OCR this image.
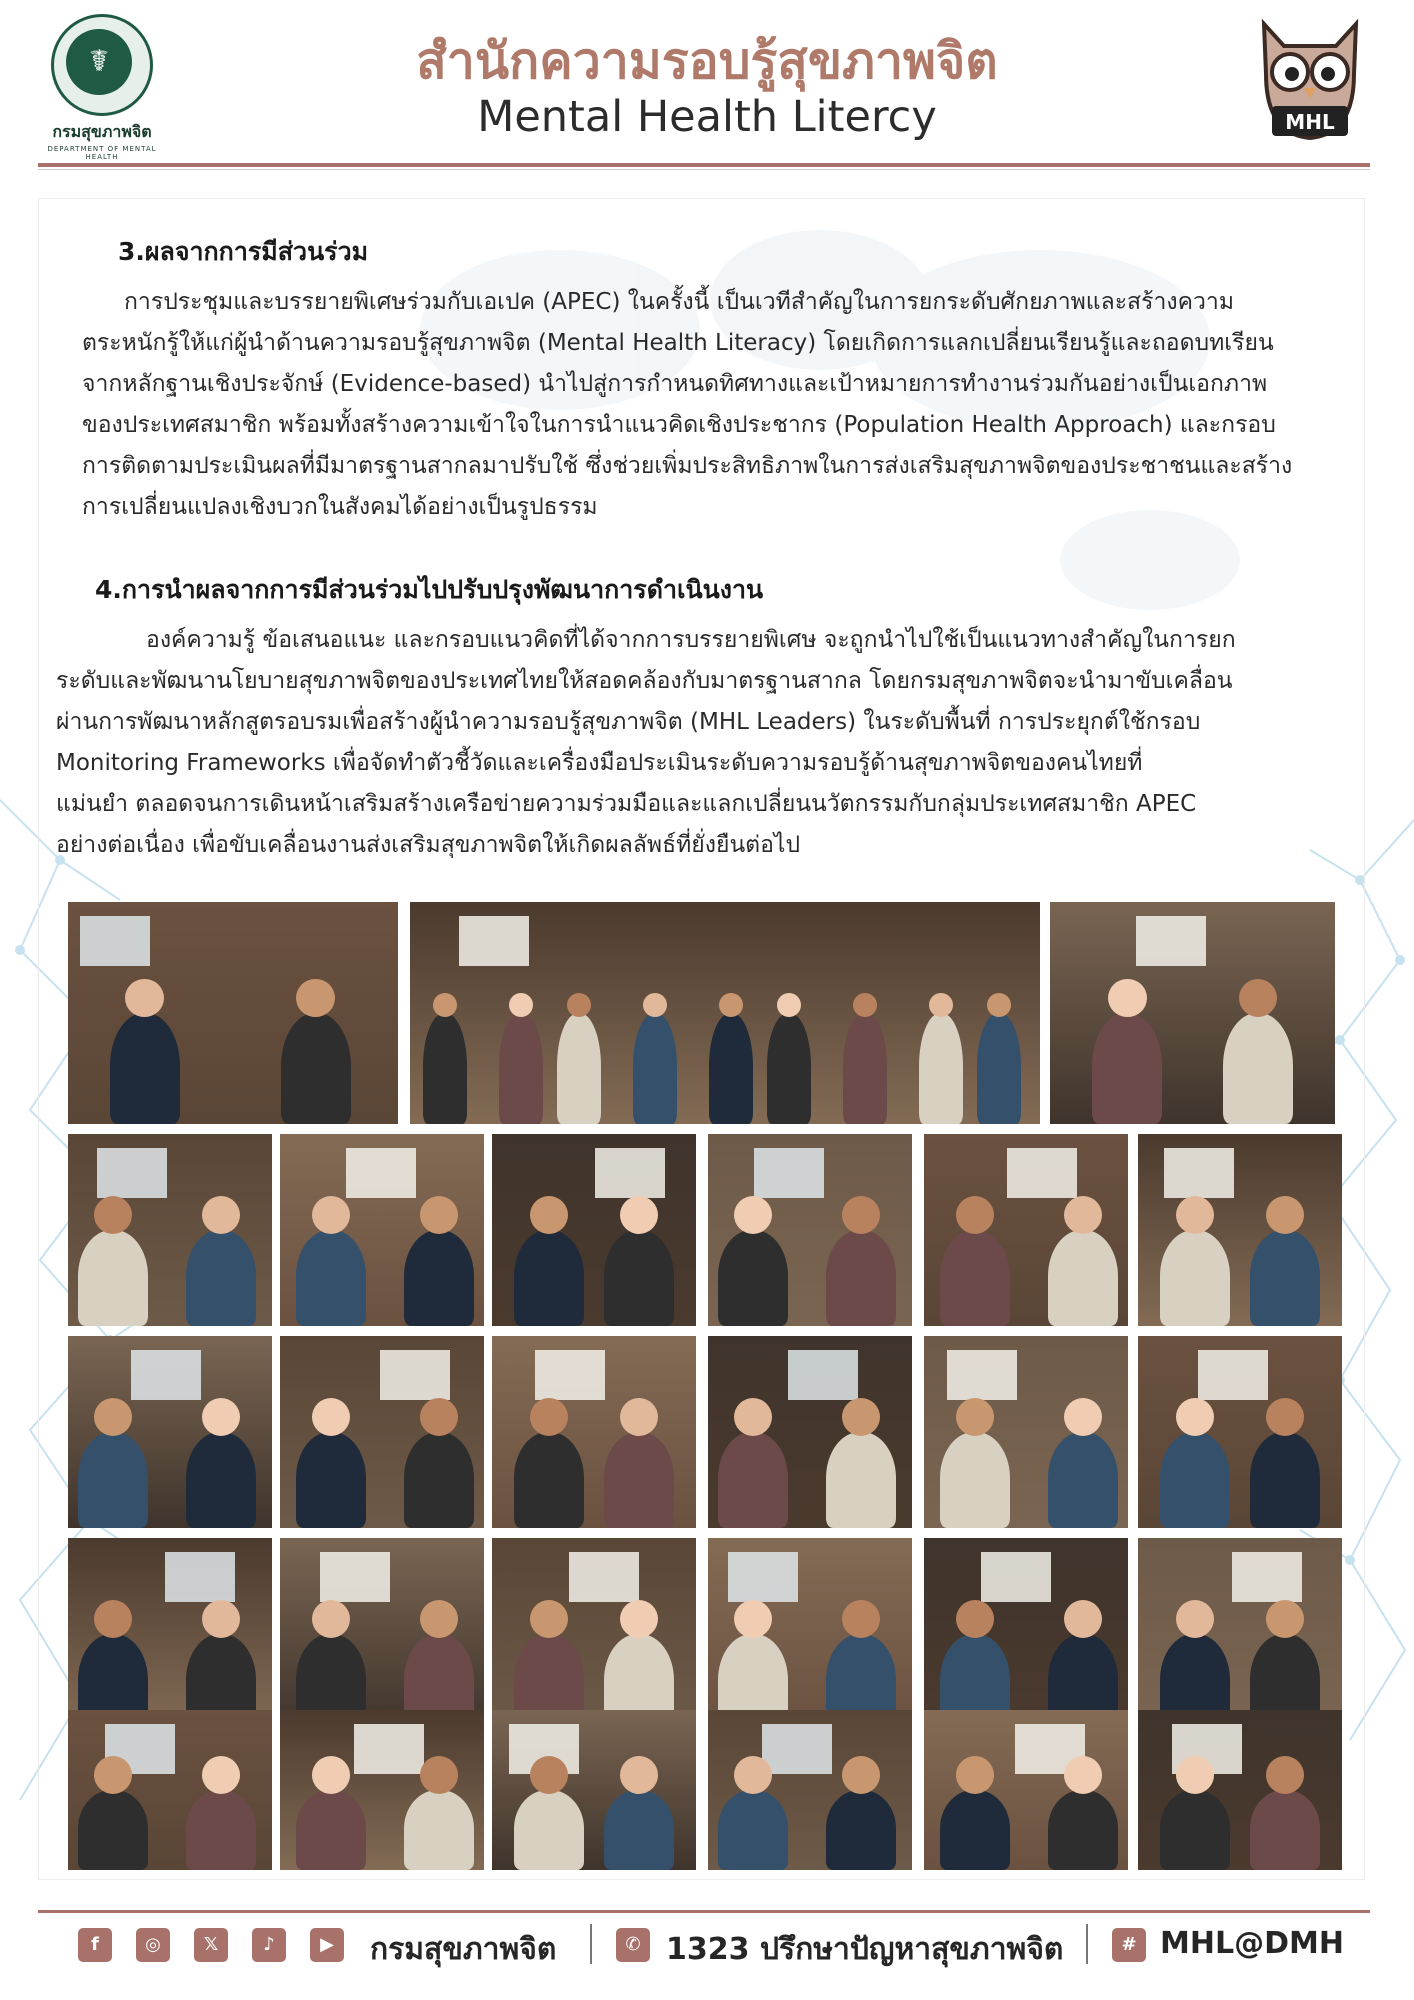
☤
กรมสุขภาพจิต
DEPARTMENT OF MENTAL HEALTH
สำนักความรอบรู้สุขภาพจิต
Mental Health Litercy	MHL
3.ผลจากการมีส่วนร่วม
การประชุมและบรรยายพิเศษร่วมกับเอเปค (APEC) ในครั้งนี้ เป็นเวทีสำคัญในการยกระดับศักยภาพและสร้างความ
ตระหนักรู้ให้แก่ผู้นำด้านความรอบรู้สุขภาพจิต (Mental Health Literacy) โดยเกิดการแลกเปลี่ยนเรียนรู้และถอดบทเรียน
จากหลักฐานเชิงประจักษ์ (Evidence-based) นำไปสู่การกำหนดทิศทางและเป้าหมายการทำงานร่วมกันอย่างเป็นเอกภาพ
ของประเทศสมาชิก พร้อมทั้งสร้างความเข้าใจในการนำแนวคิดเชิงประชากร (Population Health Approach) และกรอบ
การติดตามประเมินผลที่มีมาตรฐานสากลมาปรับใช้ ซึ่งช่วยเพิ่มประสิทธิภาพในการส่งเสริมสุขภาพจิตของประชาชนและสร้าง
การเปลี่ยนแปลงเชิงบวกในสังคมได้อย่างเป็นรูปธรรม
4.การนำผลจากการมีส่วนร่วมไปปรับปรุงพัฒนาการดำเนินงาน
องค์ความรู้ ข้อเสนอแนะ และกรอบแนวคิดที่ได้จากการบรรยายพิเศษ จะถูกนำไปใช้เป็นแนวทางสำคัญในการยก
ระดับและพัฒนานโยบายสุขภาพจิตของประเทศไทยให้สอดคล้องกับมาตรฐานสากล โดยกรมสุขภาพจิตจะนำมาขับเคลื่อน
ผ่านการพัฒนาหลักสูตรอบรมเพื่อสร้างผู้นำความรอบรู้สุขภาพจิต (MHL Leaders) ในระดับพื้นที่ การประยุกต์ใช้กรอบ
Monitoring Frameworks เพื่อจัดทำตัวชี้วัดและเครื่องมือประเมินระดับความรอบรู้ด้านสุขภาพจิตของคนไทยที่
แม่นยำ ตลอดจนการเดินหน้าเสริมสร้างเครือข่ายความร่วมมือและแลกเปลี่ยนนวัตกรรมกับกลุ่มประเทศสมาชิก APEC
อย่างต่อเนื่อง เพื่อขับเคลื่อนงานส่งเสริมสุขภาพจิตให้เกิดผลลัพธ์ที่ยั่งยืนต่อไป
f	◎	𝕏	♪	▶	กรมสุขภาพจิต	✆ 1323 ปรึกษาปัญหาสุขภาพจิต	# MHL@DMH
